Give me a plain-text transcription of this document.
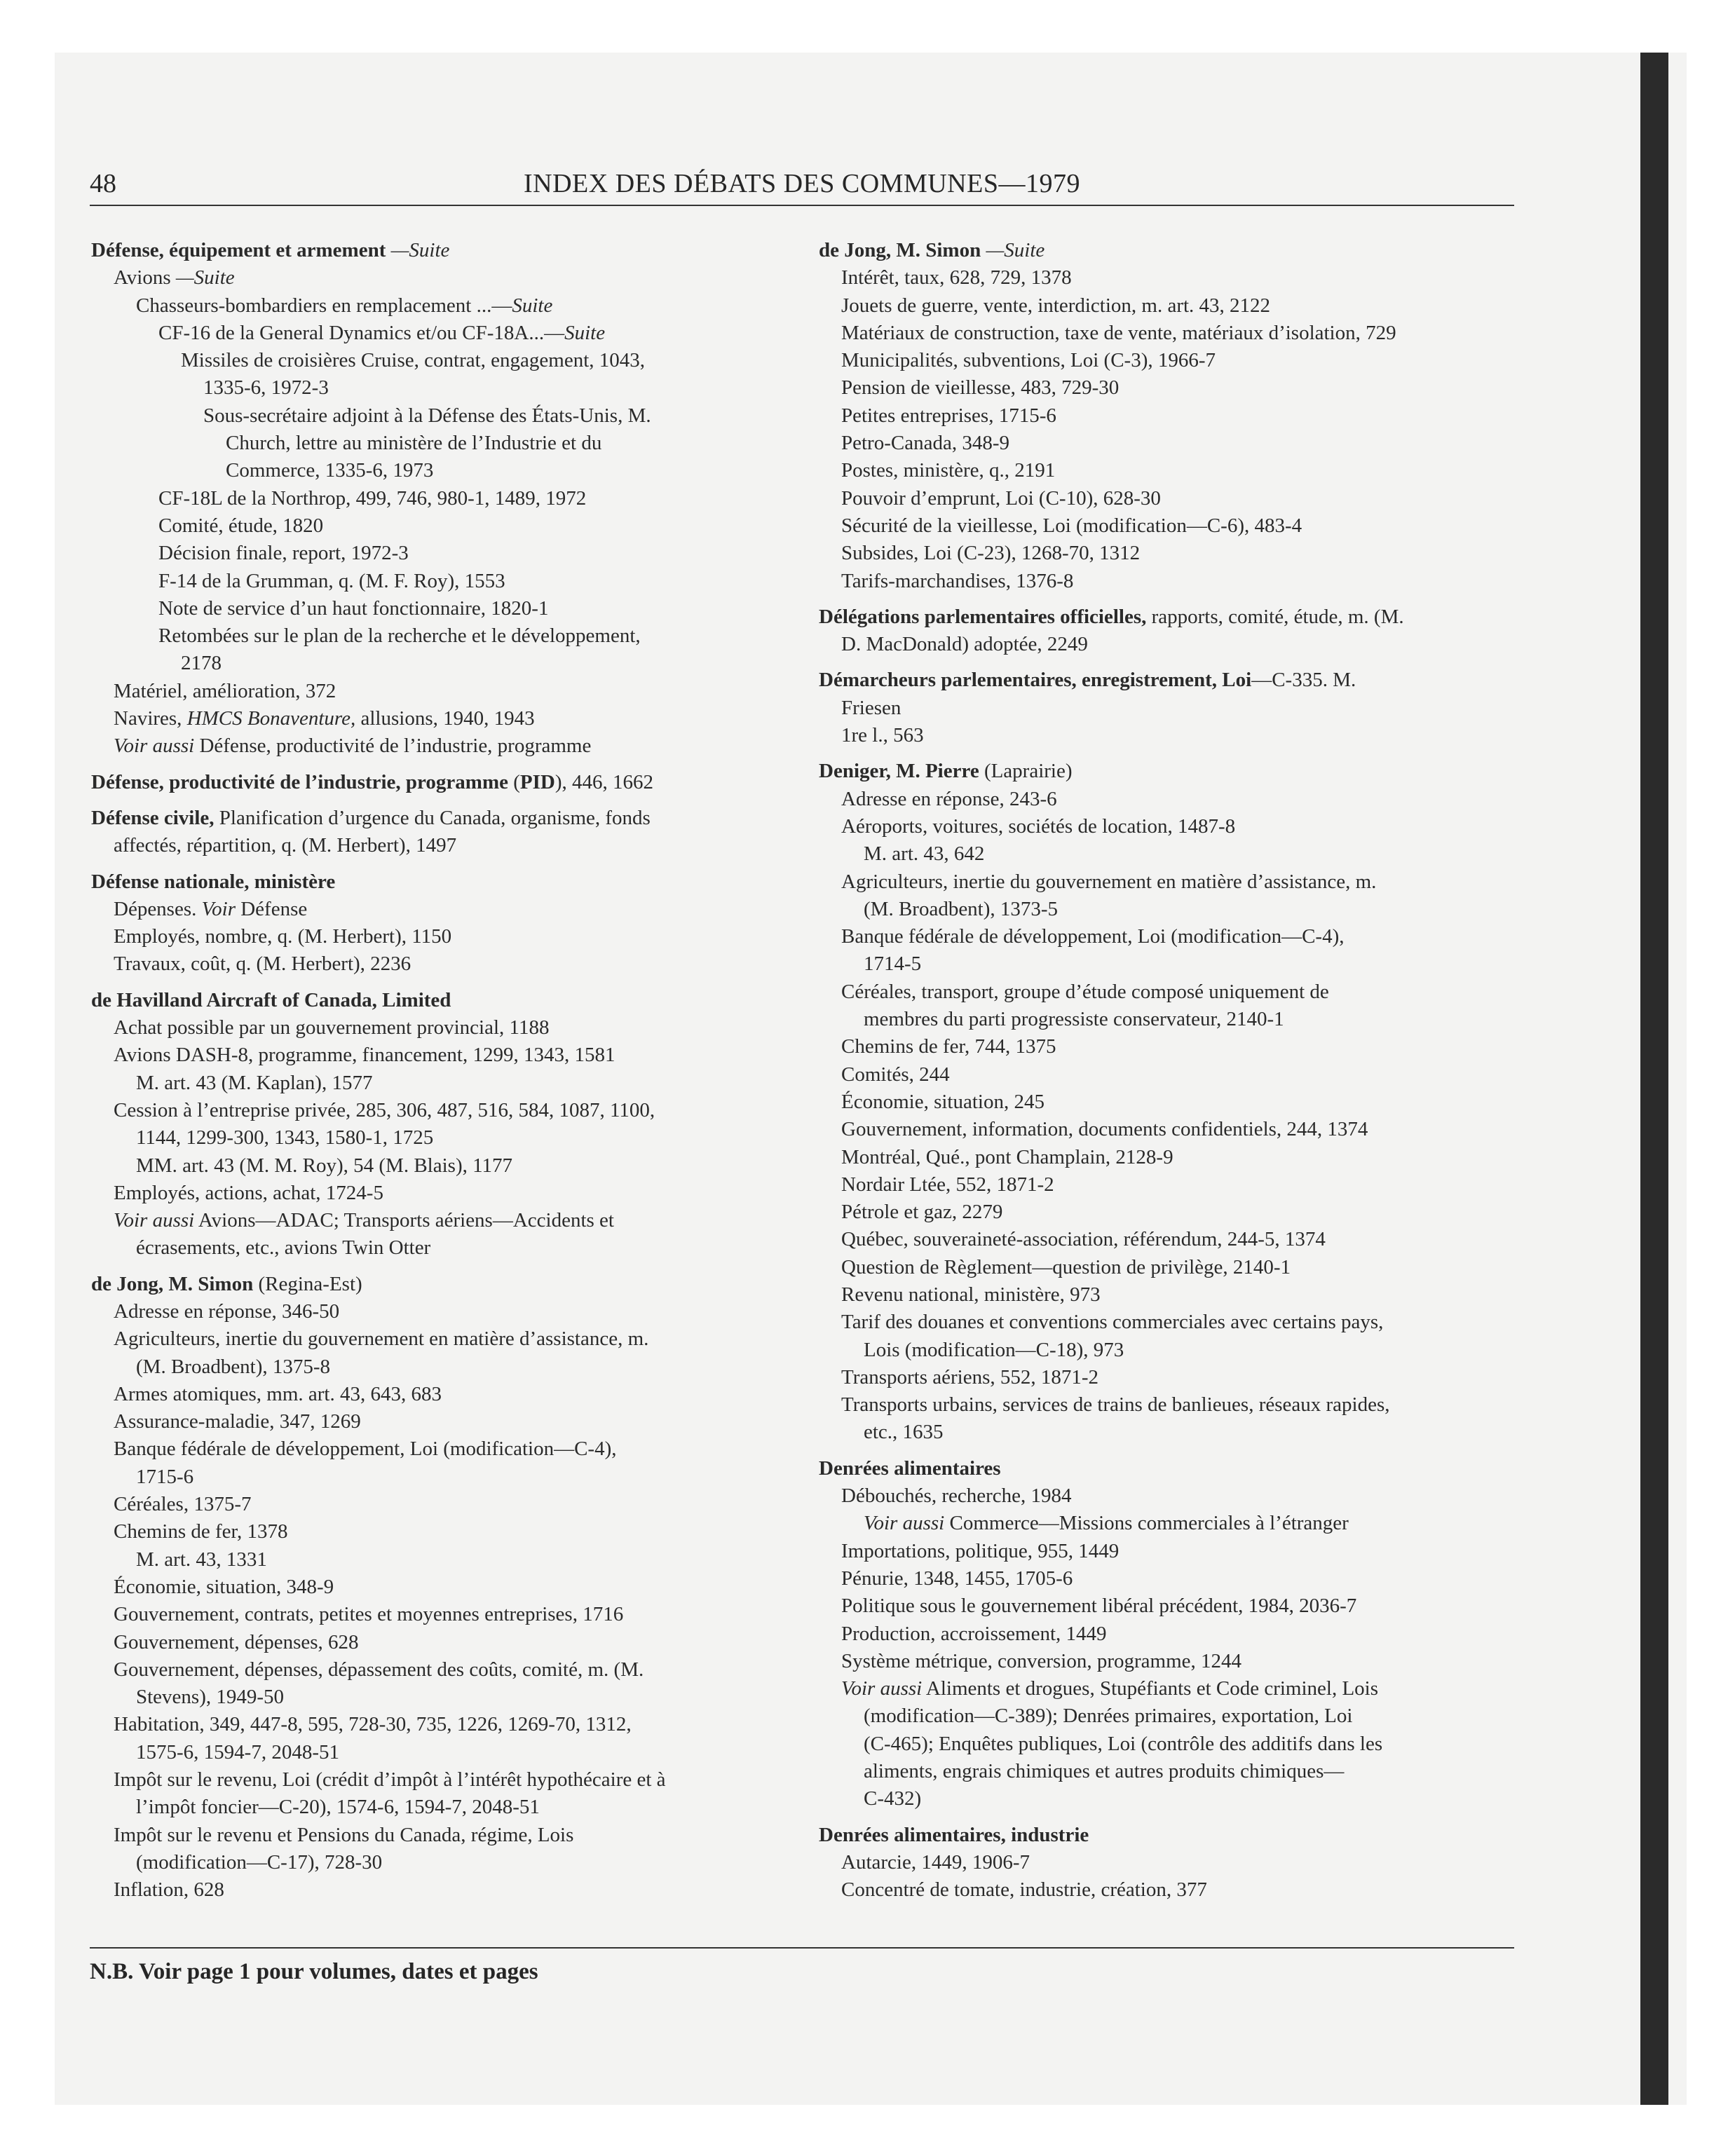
48	INDEX DES DÉBATS DES COMMUNES—1979
Défense, équipement et armement —Suite
Avions —Suite
Chasseurs-bombardiers en remplacement ...—Suite
CF-16 de la General Dynamics et/ou CF-18A...—Suite
Missiles de croisières Cruise, contrat, engagement, 1043,
1335-6, 1972-3
Sous-secrétaire adjoint à la Défense des États-Unis, M.
Church, lettre au ministère de l’Industrie et du
Commerce, 1335-6, 1973
CF-18L de la Northrop, 499, 746, 980-1, 1489, 1972
Comité, étude, 1820
Décision finale, report, 1972-3
F-14 de la Grumman, q. (M. F. Roy), 1553
Note de service d’un haut fonctionnaire, 1820-1
Retombées sur le plan de la recherche et le développement,
2178
Matériel, amélioration, 372
Navires, HMCS Bonaventure, allusions, 1940, 1943
Voir aussi Défense, productivité de l’industrie, programme
Défense, productivité de l’industrie, programme (PID), 446, 1662
Défense civile, Planification d’urgence du Canada, organisme, fonds
affectés, répartition, q. (M. Herbert), 1497
Défense nationale, ministère
Dépenses. Voir Défense
Employés, nombre, q. (M. Herbert), 1150
Travaux, coût, q. (M. Herbert), 2236
de Havilland Aircraft of Canada, Limited
Achat possible par un gouvernement provincial, 1188
Avions DASH-8, programme, financement, 1299, 1343, 1581
M. art. 43 (M. Kaplan), 1577
Cession à l’entreprise privée, 285, 306, 487, 516, 584, 1087, 1100,
1144, 1299-300, 1343, 1580-1, 1725
MM. art. 43 (M. M. Roy), 54 (M. Blais), 1177
Employés, actions, achat, 1724-5
Voir aussi Avions—ADAC; Transports aériens—Accidents et
écrasements, etc., avions Twin Otter
de Jong, M. Simon (Regina-Est)
Adresse en réponse, 346-50
Agriculteurs, inertie du gouvernement en matière d’assistance, m.
(M. Broadbent), 1375-8
Armes atomiques, mm. art. 43, 643, 683
Assurance-maladie, 347, 1269
Banque fédérale de développement, Loi (modification—C-4),
1715-6
Céréales, 1375-7
Chemins de fer, 1378
M. art. 43, 1331
Économie, situation, 348-9
Gouvernement, contrats, petites et moyennes entreprises, 1716
Gouvernement, dépenses, 628
Gouvernement, dépenses, dépassement des coûts, comité, m. (M.
Stevens), 1949-50
Habitation, 349, 447-8, 595, 728-30, 735, 1226, 1269-70, 1312,
1575-6, 1594-7, 2048-51
Impôt sur le revenu, Loi (crédit d’impôt à l’intérêt hypothécaire et à
l’impôt foncier—C-20), 1574-6, 1594-7, 2048-51
Impôt sur le revenu et Pensions du Canada, régime, Lois
(modification—C-17), 728-30
Inflation, 628
de Jong, M. Simon —Suite
Intérêt, taux, 628, 729, 1378
Jouets de guerre, vente, interdiction, m. art. 43, 2122
Matériaux de construction, taxe de vente, matériaux d’isolation, 729
Municipalités, subventions, Loi (C-3), 1966-7
Pension de vieillesse, 483, 729-30
Petites entreprises, 1715-6
Petro-Canada, 348-9
Postes, ministère, q., 2191
Pouvoir d’emprunt, Loi (C-10), 628-30
Sécurité de la vieillesse, Loi (modification—C-6), 483-4
Subsides, Loi (C-23), 1268-70, 1312
Tarifs-marchandises, 1376-8
Délégations parlementaires officielles, rapports, comité, étude, m. (M.
D. MacDonald) adoptée, 2249
Démarcheurs parlementaires, enregistrement, Loi—C-335. M.
Friesen
1re l., 563
Deniger, M. Pierre (Laprairie)
Adresse en réponse, 243-6
Aéroports, voitures, sociétés de location, 1487-8
M. art. 43, 642
Agriculteurs, inertie du gouvernement en matière d’assistance, m.
(M. Broadbent), 1373-5
Banque fédérale de développement, Loi (modification—C-4),
1714-5
Céréales, transport, groupe d’étude composé uniquement de
membres du parti progressiste conservateur, 2140-1
Chemins de fer, 744, 1375
Comités, 244
Économie, situation, 245
Gouvernement, information, documents confidentiels, 244, 1374
Montréal, Qué., pont Champlain, 2128-9
Nordair Ltée, 552, 1871-2
Pétrole et gaz, 2279
Québec, souveraineté-association, référendum, 244-5, 1374
Question de Règlement—question de privilège, 2140-1
Revenu national, ministère, 973
Tarif des douanes et conventions commerciales avec certains pays,
Lois (modification—C-18), 973
Transports aériens, 552, 1871-2
Transports urbains, services de trains de banlieues, réseaux rapides,
etc., 1635
Denrées alimentaires
Débouchés, recherche, 1984
Voir aussi Commerce—Missions commerciales à l’étranger
Importations, politique, 955, 1449
Pénurie, 1348, 1455, 1705-6
Politique sous le gouvernement libéral précédent, 1984, 2036-7
Production, accroissement, 1449
Système métrique, conversion, programme, 1244
Voir aussi Aliments et drogues, Stupéfiants et Code criminel, Lois
(modification—C-389); Denrées primaires, exportation, Loi
(C-465); Enquêtes publiques, Loi (contrôle des additifs dans les
aliments, engrais chimiques et autres produits chimiques—
C-432)
Denrées alimentaires, industrie
Autarcie, 1449, 1906-7
Concentré de tomate, industrie, création, 377
N.B. Voir page 1 pour volumes, dates et pages
